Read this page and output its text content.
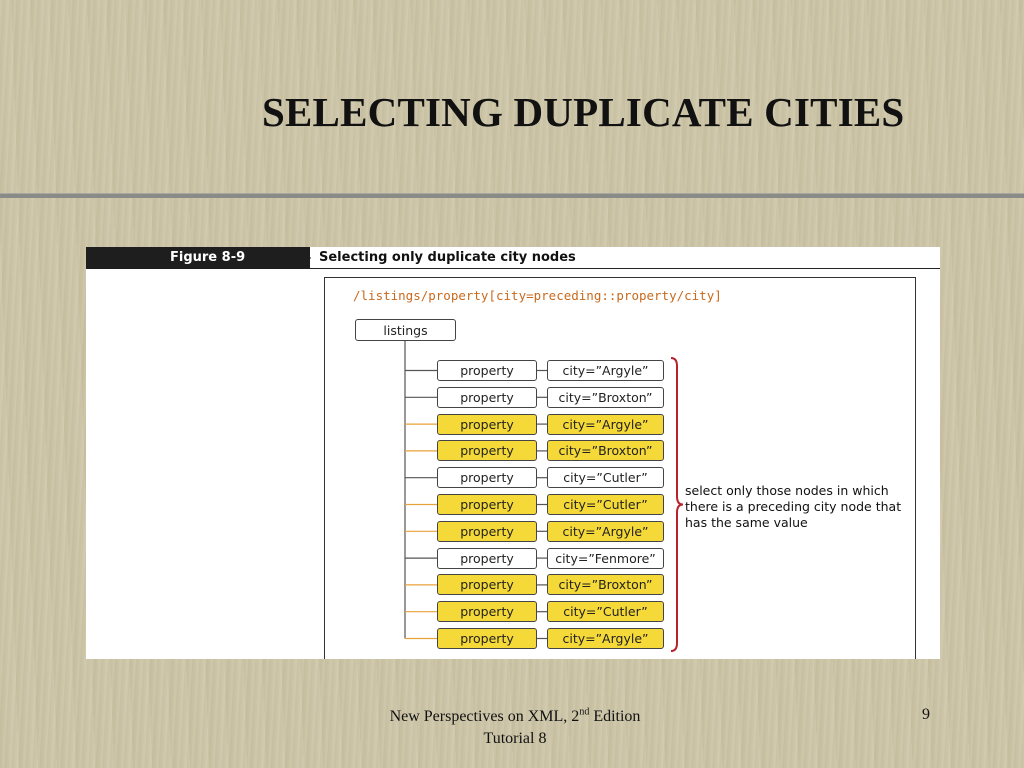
SELECTING DUPLICATE CITIES
Figure 8-9	Selecting only duplicate city nodes
/listings/property[city=preceding::property/city]
listings
property	city=”Argyle”
property	city=”Broxton”
property	city=”Argyle”
property	city=”Broxton”
property	city=”Cutler”
property	city=”Cutler”
property	city=”Argyle”
property	city=”Fenmore”
property	city=”Broxton”
property	city=”Cutler”
property	city=”Argyle”
select only those nodes in which there is a preceding city node that has the same value
New Perspectives on XML, 2nd Edition
Tutorial 8
9
